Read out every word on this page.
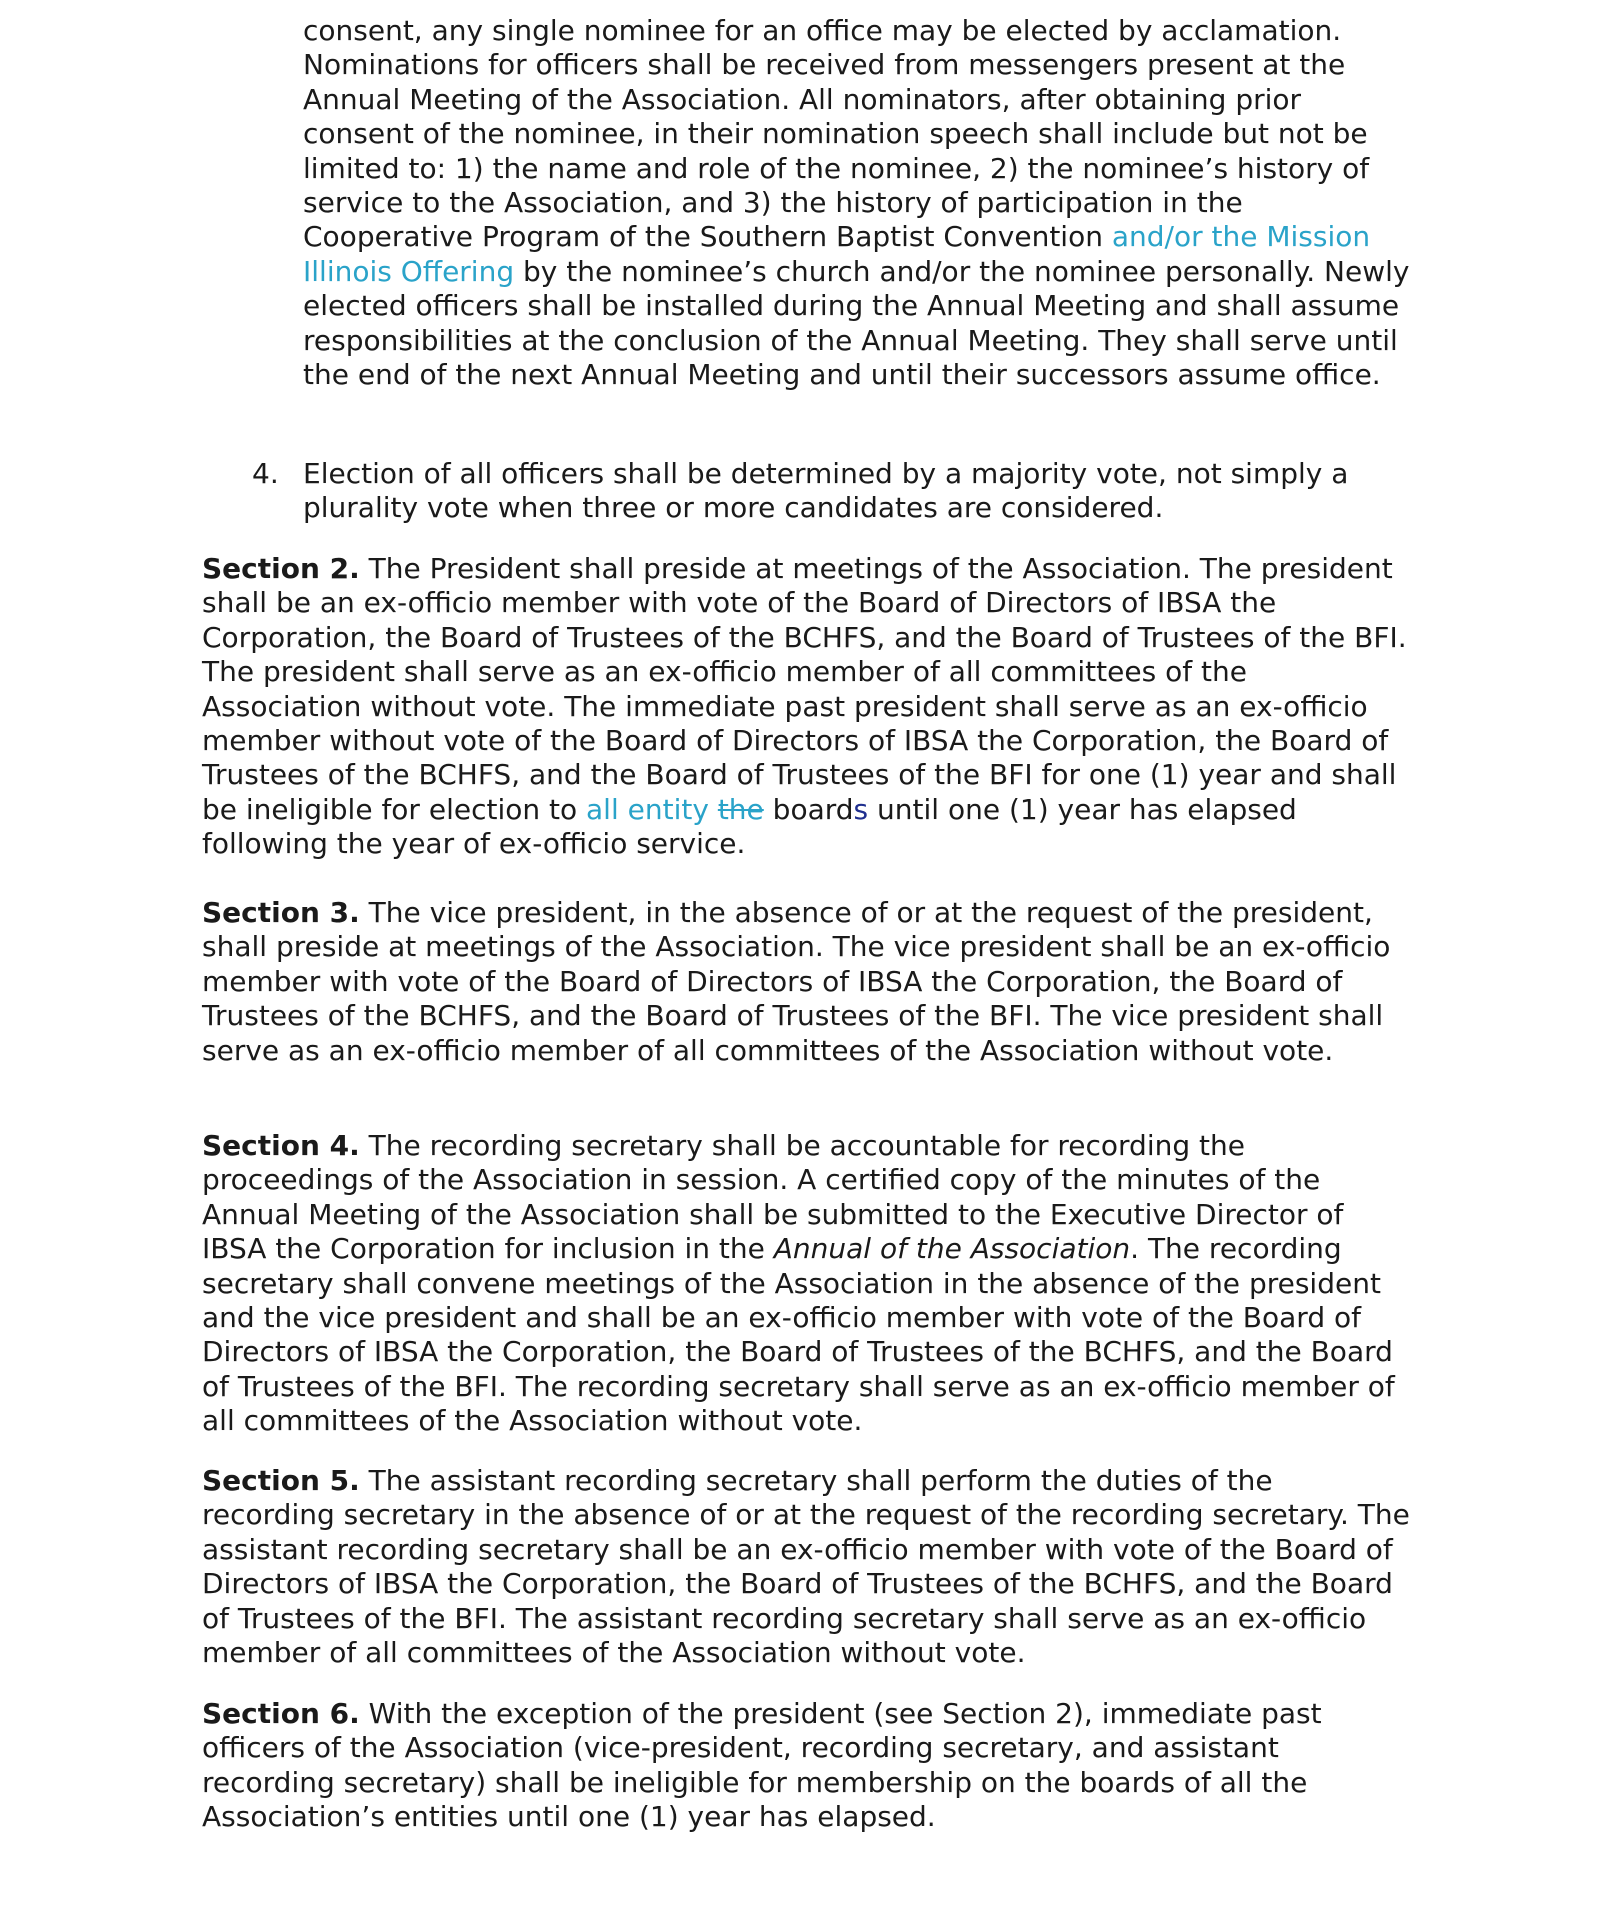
consent, any single nominee for an office may be elected by acclamation. Nominations for officers shall be received from messengers present at the Annual Meeting of the Association. All nominators, after obtaining prior consent of the nominee, in their nomination speech shall include but not be limited to: 1) the name and role of the nominee, 2) the nominee’s history of service to the Association, and 3) the history of participation in the Cooperative Program of the Southern Baptist Convention and/or the Mission Illinois Offering by the nominee’s church and/or the nominee personally. Newly elected officers shall be installed during the Annual Meeting and shall assume responsibilities at the conclusion of the Annual Meeting. They shall serve until the end of the next Annual Meeting and until their successors assume office.

4. Election of all officers shall be determined by a majority vote, not simply a plurality vote when three or more candidates are considered.

Section 2. The President shall preside at meetings of the Association. The president shall be an ex-officio member with vote of the Board of Directors of IBSA the Corporation, the Board of Trustees of the BCHFS, and the Board of Trustees of the BFI. The president shall serve as an ex-officio member of all committees of the Association without vote. The immediate past president shall serve as an ex-officio member without vote of the Board of Directors of IBSA the Corporation, the Board of Trustees of the BCHFS, and the Board of Trustees of the BFI for one (1) year and shall be ineligible for election to all entity the boards until one (1) year has elapsed following the year of ex-officio service.

Section 3. The vice president, in the absence of or at the request of the president, shall preside at meetings of the Association. The vice president shall be an ex-officio member with vote of the Board of Directors of IBSA the Corporation, the Board of Trustees of the BCHFS, and the Board of Trustees of the BFI. The vice president shall serve as an ex-officio member of all committees of the Association without vote.

Section 4. The recording secretary shall be accountable for recording the proceedings of the Association in session. A certified copy of the minutes of the Annual Meeting of the Association shall be submitted to the Executive Director of IBSA the Corporation for inclusion in the Annual of the Association. The recording secretary shall convene meetings of the Association in the absence of the president and the vice president and shall be an ex-officio member with vote of the Board of Directors of IBSA the Corporation, the Board of Trustees of the BCHFS, and the Board of Trustees of the BFI. The recording secretary shall serve as an ex-officio member of all committees of the Association without vote.

Section 5. The assistant recording secretary shall perform the duties of the recording secretary in the absence of or at the request of the recording secretary. The assistant recording secretary shall be an ex-officio member with vote of the Board of Directors of IBSA the Corporation, the Board of Trustees of the BCHFS, and the Board of Trustees of the BFI. The assistant recording secretary shall serve as an ex-officio member of all committees of the Association without vote.

Section 6. With the exception of the president (see Section 2), immediate past officers of the Association (vice-president, recording secretary, and assistant recording secretary) shall be ineligible for membership on the boards of all the Association’s entities until one (1) year has elapsed.
